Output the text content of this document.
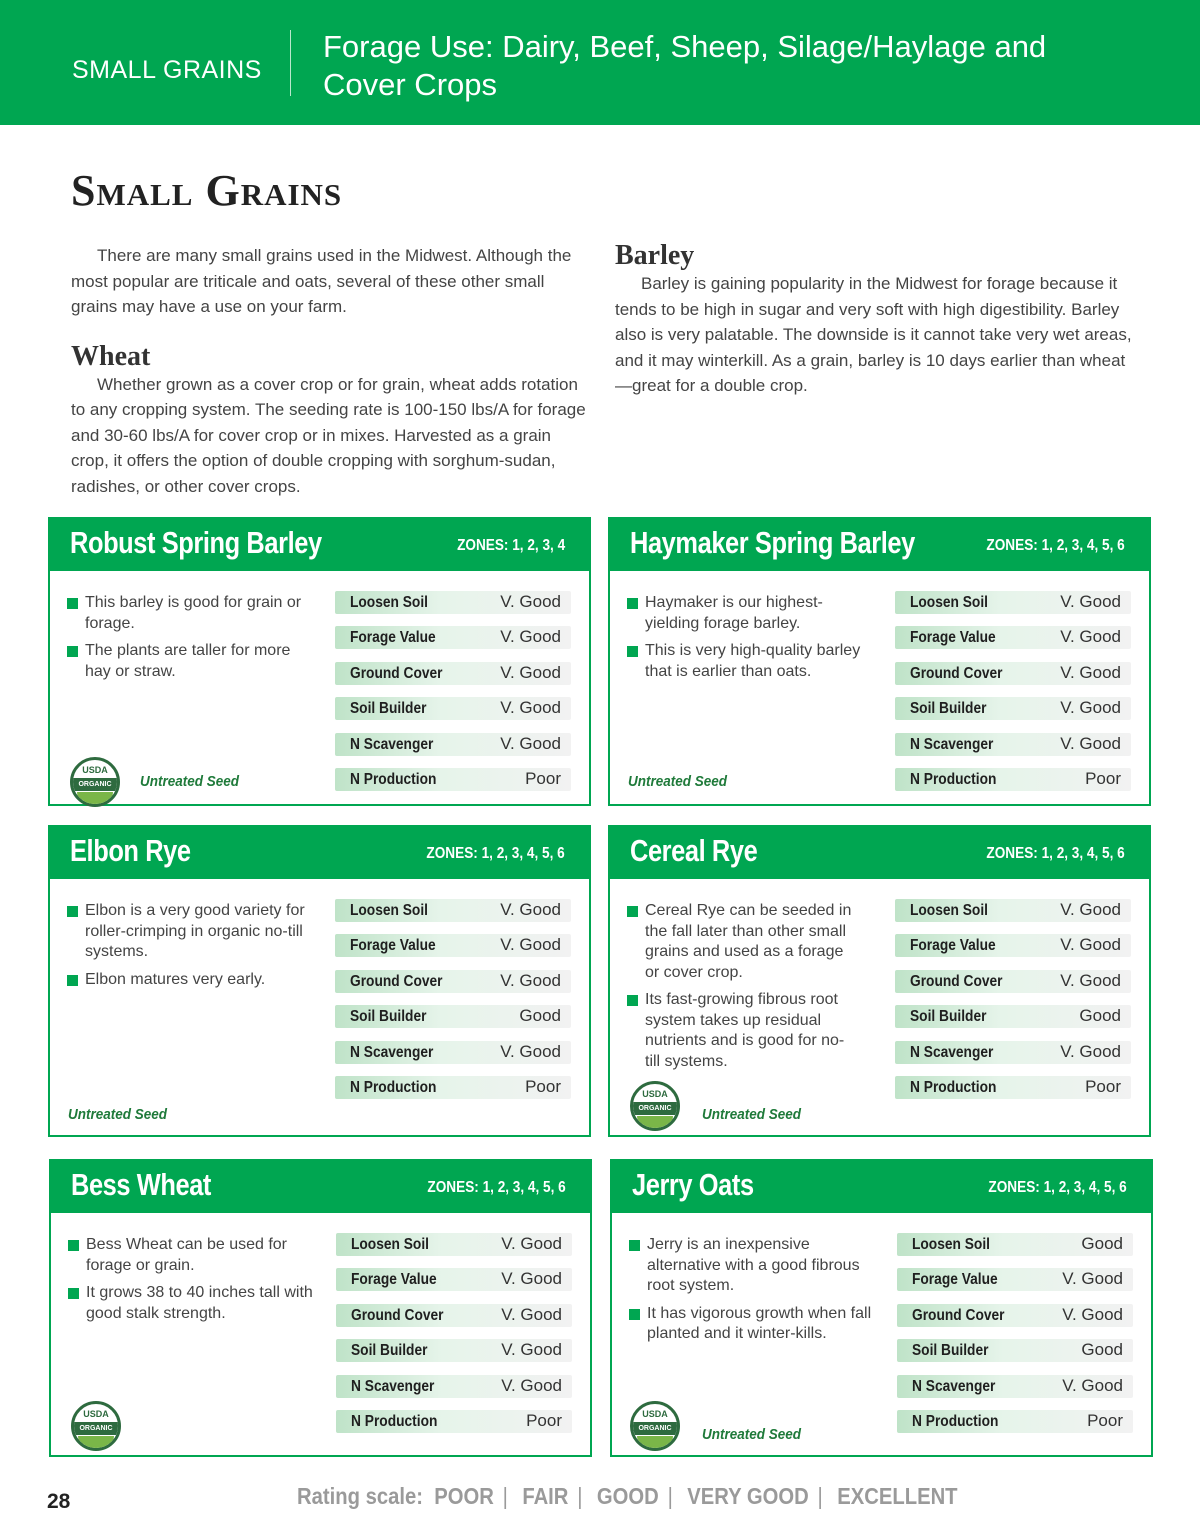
SMALL GRAINS
Forage Use: Dairy, Beef, Sheep, Silage/Haylage and Cover Crops
Small Grains

There are many small grains used in the Midwest. Although the most popular are triticale and oats, several of these other small grains may have a use on your farm.

Wheat

Whether grown as a cover crop or for grain, wheat adds rotation to any cropping system. The seeding rate is 100-150 lbs/A for forage and 30-60 lbs/A for cover crop or in mixes. Harvested as a grain crop, it offers the option of double cropping with sorghum-sudan, radishes, or other cover crops.

Barley

Barley is gaining popularity in the Midwest for forage because it tends to be high in sugar and very soft with high digestibility. Barley also is very palatable. The downside is it cannot take very wet areas, and it may winterkill. As a grain, barley is 10 days earlier than wheat—great for a double crop.

Robust Spring Barley	ZONES: 1, 2, 3, 4
This barley is good for grain or forage.
The plants are taller for more hay or straw.
Loosen Soil	V. Good
Forage Value	V. Good
Ground Cover	V. Good
Soil Builder	V. Good
N Scavenger	V. Good
N Production	Poor
USDA
ORGANIC	Untreated Seed
Haymaker Spring Barley	ZONES: 1, 2, 3, 4, 5, 6
Haymaker is our highest-yielding forage barley.
This is very high-quality barley that is earlier than oats.
Loosen Soil	V. Good
Forage Value	V. Good
Ground Cover	V. Good
Soil Builder	V. Good
N Scavenger	V. Good
N Production	Poor
Untreated Seed
Elbon Rye	ZONES: 1, 2, 3, 4, 5, 6
Elbon is a very good variety for roller-crimping in organic no-till systems.
Elbon matures very early.
Loosen Soil	V. Good
Forage Value	V. Good
Ground Cover	V. Good
Soil Builder	Good
N Scavenger	V. Good
N Production	Poor
Untreated Seed
Cereal Rye	ZONES: 1, 2, 3, 4, 5, 6
Cereal Rye can be seeded in the fall later than other small grains and used as a forage or cover crop.
Its fast-growing fibrous root system takes up residual nutrients and is good for no-till systems.
Loosen Soil	V. Good
Forage Value	V. Good
Ground Cover	V. Good
Soil Builder	Good
N Scavenger	V. Good
N Production	Poor
USDA
ORGANIC	Untreated Seed
Bess Wheat	ZONES: 1, 2, 3, 4, 5, 6
Bess Wheat can be used for forage or grain.
It grows 38 to 40 inches tall with good stalk strength.
Loosen Soil	V. Good
Forage Value	V. Good
Ground Cover	V. Good
Soil Builder	V. Good
N Scavenger	V. Good
N Production	Poor
USDA
ORGANIC
Jerry Oats	ZONES: 1, 2, 3, 4, 5, 6
Jerry is an inexpensive alternative with a good fibrous root system.
It has vigorous growth when fall planted and it winter-kills.
Loosen Soil	Good
Forage Value	V. Good
Ground Cover	V. Good
Soil Builder	Good
N Scavenger	V. Good
N Production	Poor
USDA
ORGANIC	Untreated Seed
28	Rating scale: POOR | FAIR | GOOD | VERY GOOD | EXCELLENT
